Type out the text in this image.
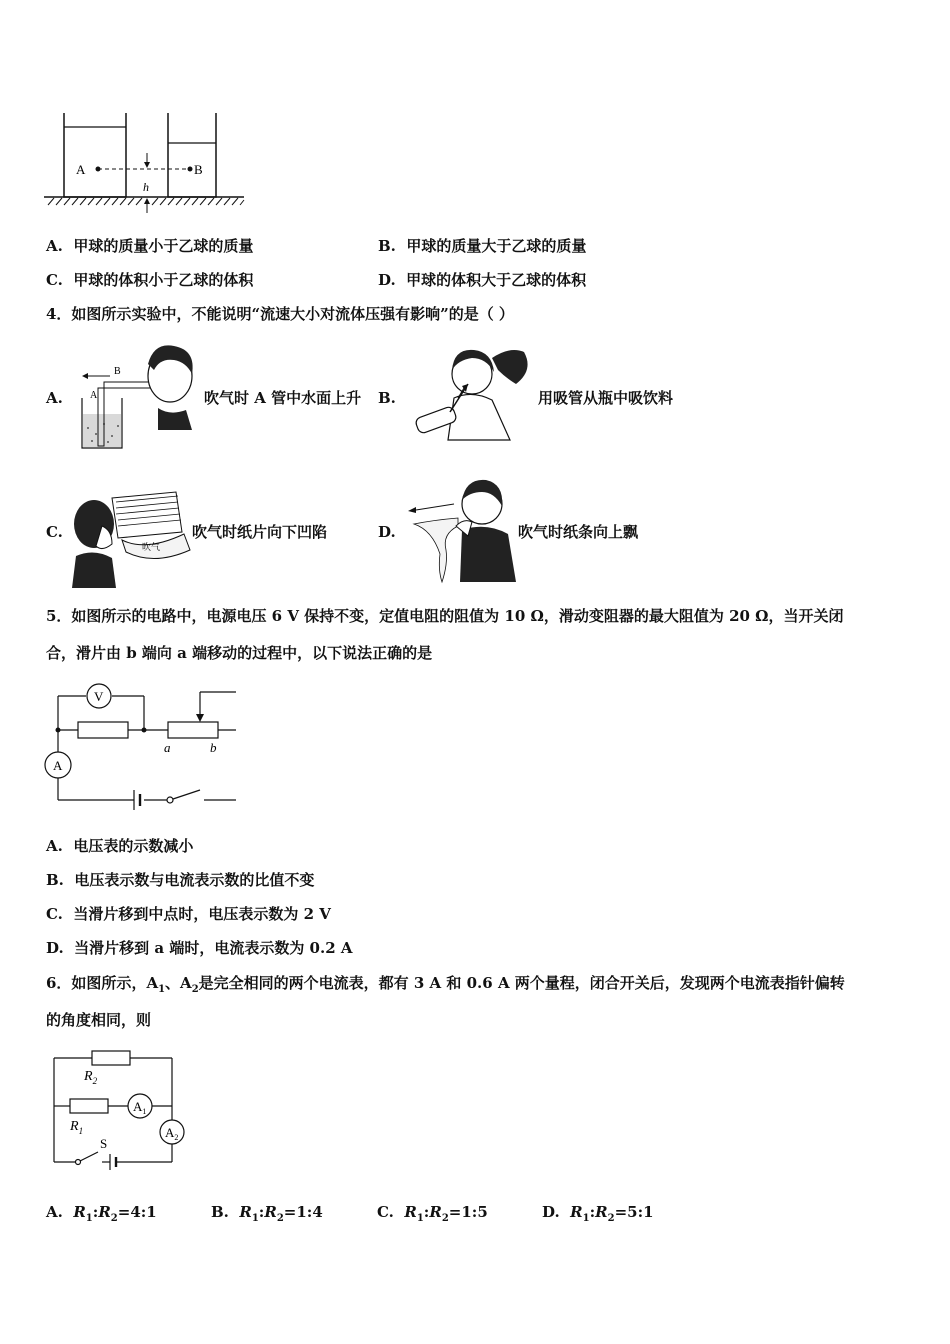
A	B
h
A. 甲球的质量小于乙球的质量	B. 甲球的质量大于乙球的质量
C. 甲球的体积小于乙球的体积	D. 甲球的体积大于乙球的体积
4．如图所示实验中，不能说明“流速大小对流体压强有影响”的是（ ）
A.
B
A	吹气时 A 管中水面上升 B.	用吸管从瓶中吸饮料
C.
吹气
吹气时纸片向下凹陷	D.	吹气时纸条向上飘
5．如图所示的电路中，电源电压 6 V 保持不变，定值电阻的阻值为 10 Ω，滑动变阻器的最大阻值为 20 Ω，当开关闭
合，滑片由 b 端向 a 端移动的过程中，以下说法正确的是
V
A
a	b
A. 电压表的示数减小
B. 电压表示数与电流表示数的比值不变
C. 当滑片移到中点时，电压表示数为 2 V
D. 当滑片移到 a 端时，电流表示数为 0.2 A
6．如图所示，$A_1$、$A_2$是完全相同的两个电流表，都有 3 A 和 0.6 A 两个量程，闭合开关后，发现两个电流表指针偏转
的角度相同，则
$R_2$
$R_1$
$A_1$
$A_2$
S
A. $R_1:R_2=4:1$	B. $R_1:R_2=1:4$	C. $R_1:R_2=1:5$	D. $R_1:R_2=5:1$
